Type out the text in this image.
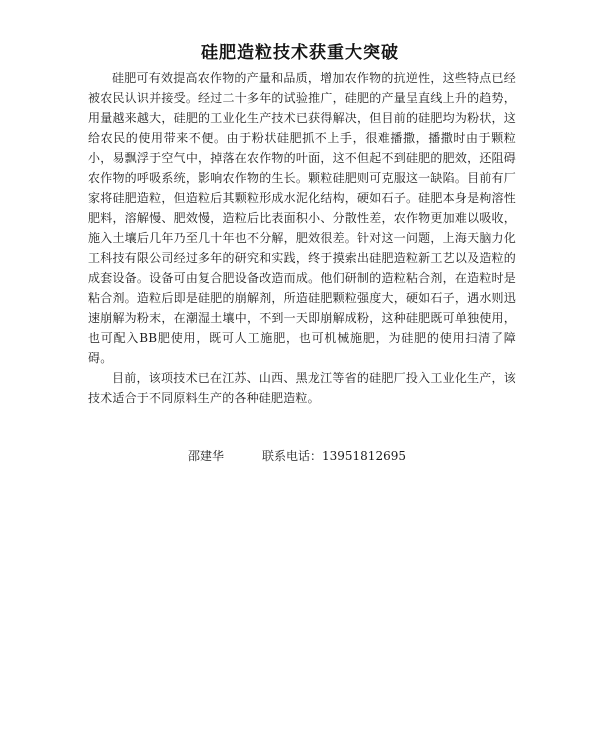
硅肥造粒技术获重大突破

硅肥可有效提高农作物的产量和品质，增加农作物的抗逆性，这些特点已经被农民认识并接受。经过二十多年的试验推广，硅肥的产量呈直线上升的趋势，用量越来越大，硅肥的工业化生产技术已获得解决，但目前的硅肥均为粉状，这给农民的使用带来不便。由于粉状硅肥抓不上手，很难播撒，播撒时由于颗粒小，易飘浮于空气中，掉落在农作物的叶面，这不但起不到硅肥的肥效，还阻碍农作物的呼吸系统，影响农作物的生长。颗粒硅肥则可克服这一缺陷。目前有厂家将硅肥造粒，但造粒后其颗粒形成水泥化结构，硬如石子。硅肥本身是枸溶性肥料，溶解慢、肥效慢，造粒后比表面积小、分散性差，农作物更加难以吸收，施入土壤后几年乃至几十年也不分解，肥效很差。针对这一问题，上海天脑力化工科技有限公司经过多年的研究和实践，终于摸索出硅肥造粒新工艺以及造粒的成套设备。设备可由复合肥设备改造而成。他们研制的造粒粘合剂，在造粒时是粘合剂。造粒后即是硅肥的崩解剂，所造硅肥颗粒强度大，硬如石子，遇水则迅速崩解为粉末，在潮湿土壤中，不到一天即崩解成粉，这种硅肥既可单独使用，也可配入BB肥使用，既可人工施肥，也可机械施肥，为硅肥的使用扫清了障碍。

目前，该项技术已在江苏、山西、黑龙江等省的硅肥厂投入工业化生产，该技术适合于不同原料生产的各种硅肥造粒。

邵建华	联系电话：13951812695
